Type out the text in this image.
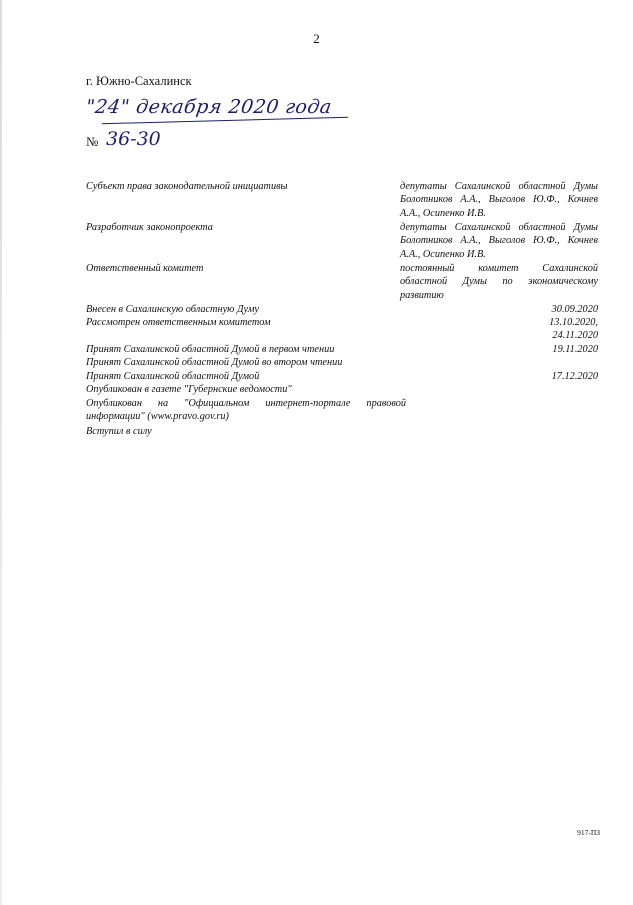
2
г. Южно-Сахалинск
"24" декабря 2020 года
№ 36-30
Субъект права законодательной инициативы	депутаты Сахалинской областной Думы Болотников А.А., Выголов Ю.Ф., Кочнев А.А., Осипенко И.В.
Разработчик законопроекта	депутаты Сахалинской областной Думы Болотников А.А., Выголов Ю.Ф., Кочнев А.А., Осипенко И.В.
Ответственный комитет	постоянный комитет Сахалинской областной Думы по экономическому развитию
Внесен в Сахалинскую областную Думу	30.09.2020
Рассмотрен ответственным комитетом	13.10.2020,
24.11.2020
Принят Сахалинской областной Думой в первом чтении	19.11.2020
Принят Сахалинской областной Думой во втором чтении
Принят Сахалинской областной Думой	17.12.2020
Опубликован в газете "Губернские ведомости"
Опубликован на "Официальном интернет-портале правовой информации" (www.pravo.gov.ru)
Вступил в силу
917-ПЗ
